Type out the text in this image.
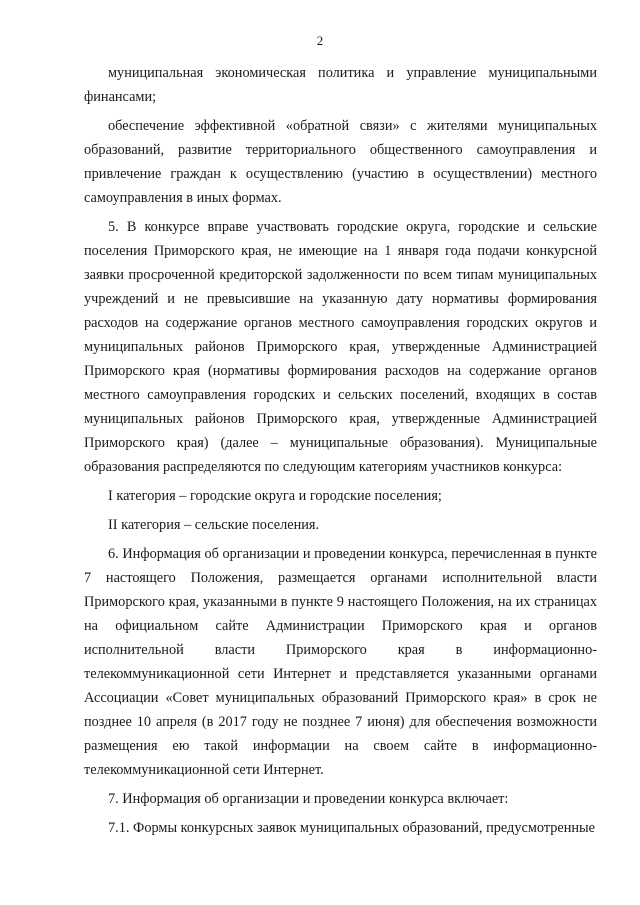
2

муниципальная экономическая политика и управление муниципальными финансами;

обеспечение эффективной «обратной связи» с жителями муниципальных образований, развитие территориального общественного самоуправления и привлечение граждан к осуществлению (участию в осуществлении) местного самоуправления в иных формах.

5. В конкурсе вправе участвовать городские округа, городские и сельские поселения Приморского края, не имеющие на 1 января года подачи конкурсной заявки просроченной кредиторской задолженности по всем типам муниципальных учреждений и не превысившие на указанную дату нормативы формирования расходов на содержание органов местного самоуправления городских округов и муниципальных районов Приморского края, утвержденные Администрацией Приморского края (нормативы формирования расходов на содержание органов местного самоуправления городских и сельских поселений, входящих в состав муниципальных районов Приморского края, утвержденные Администрацией Приморского края) (далее – муниципальные образования). Муниципальные образования распределяются по следующим категориям участников конкурса:

I категория – городские округа и городские поселения;

II категория – сельские поселения.

6. Информация об организации и проведении конкурса, перечисленная в пункте 7 настоящего Положения, размещается органами исполнительной власти Приморского края, указанными в пункте 9 настоящего Положения, на их страницах на официальном сайте Администрации Приморского края и органов исполнительной власти Приморского края в информационно-телекоммуникационной сети Интернет и представляется указанными органами Ассоциации «Совет муниципальных образований Приморского края» в срок не позднее 10 апреля (в 2017 году не позднее 7 июня) для обеспечения возможности размещения ею такой информации на своем сайте в информационно-телекоммуникационной сети Интернет.

7. Информация об организации и проведении конкурса включает:

7.1. Формы конкурсных заявок муниципальных образований, предусмотренные
